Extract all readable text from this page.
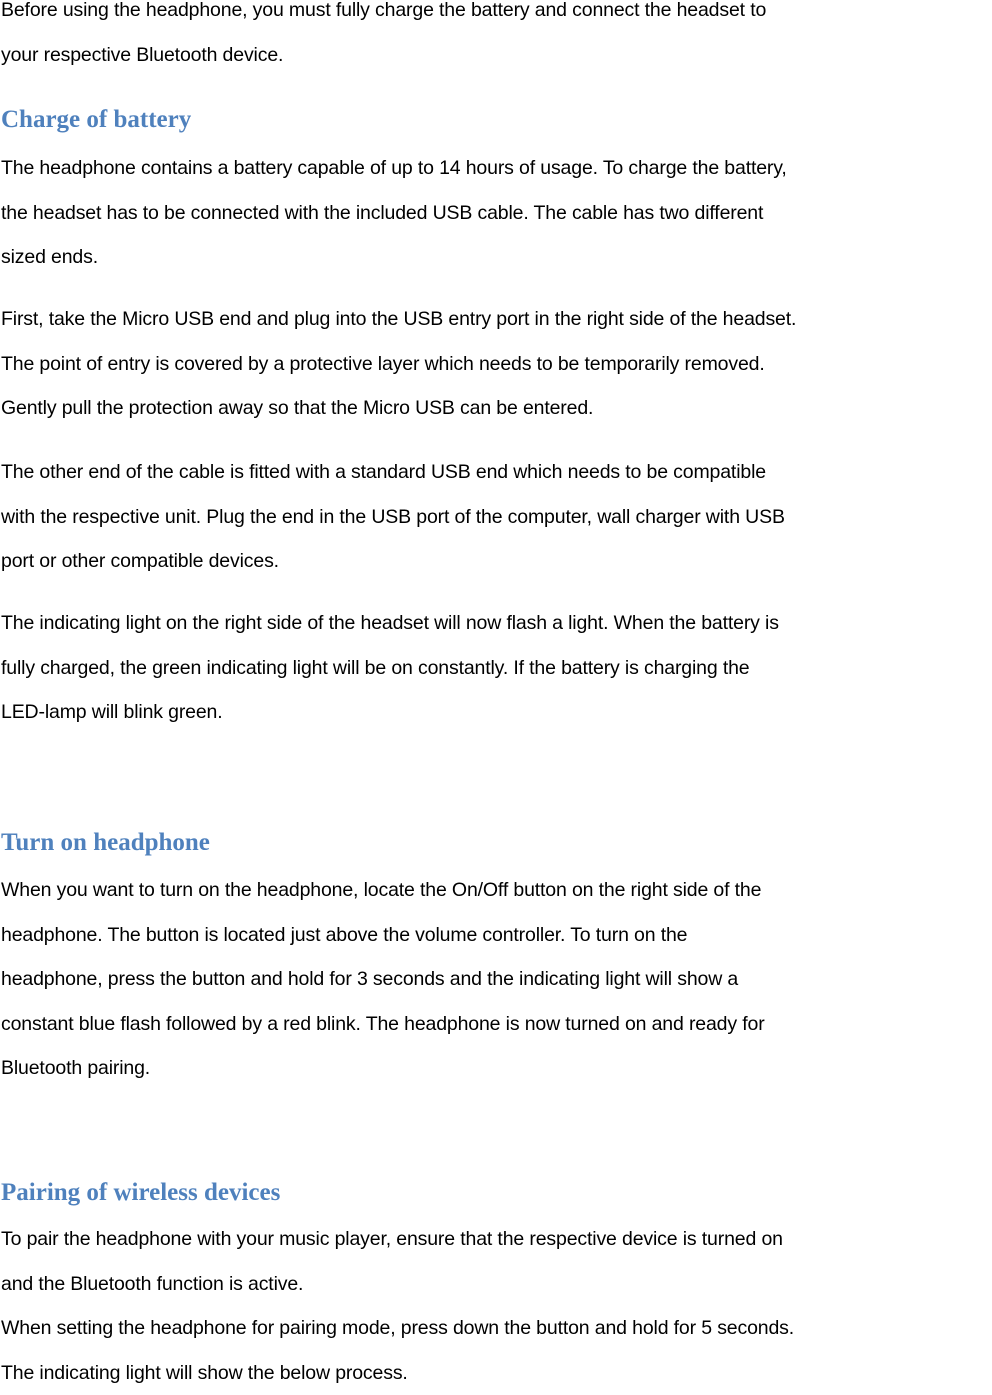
Before using the headphone, you must fully charge the battery and connect the headset to
your respective Bluetooth device.
Charge of battery
The headphone contains a battery capable of up to 14 hours of usage. To charge the battery,
the headset has to be connected with the included USB cable. The cable has two different
sized ends.
First, take the Micro USB end and plug into the USB entry port in the right side of the headset.
The point of entry is covered by a protective layer which needs to be temporarily removed.
Gently pull the protection away so that the Micro USB can be entered.
The other end of the cable is fitted with a standard USB end which needs to be compatible
with the respective unit. Plug the end in the USB port of the computer, wall charger with USB
port or other compatible devices.
The indicating light on the right side of the headset will now flash a light. When the battery is
fully charged, the green indicating light will be on constantly. If the battery is charging the
LED-lamp will blink green.
Turn on headphone
When you want to turn on the headphone, locate the On/Off button on the right side of the
headphone. The button is located just above the volume controller. To turn on the
headphone, press the button and hold for 3 seconds and the indicating light will show a
constant blue flash followed by a red blink. The headphone is now turned on and ready for
Bluetooth pairing.
Pairing of wireless devices
To pair the headphone with your music player, ensure that the respective device is turned on
and the Bluetooth function is active.
When setting the headphone for pairing mode, press down the button and hold for 5 seconds.
The indicating light will show the below process.
